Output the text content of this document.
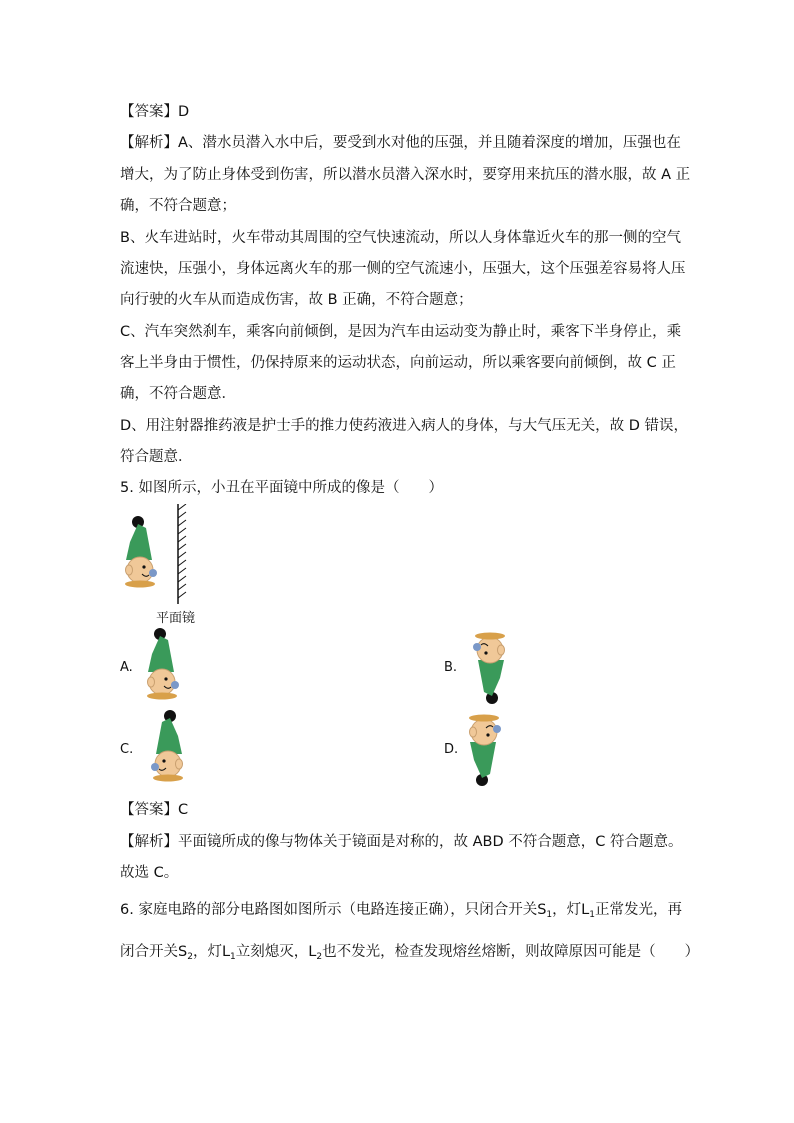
【答案】D
【解析】A、潜水员潜入水中后，要受到水对他的压强，并且随着深度的增加，压强也在
增大，为了防止身体受到伤害，所以潜水员潜入深水时，要穿用来抗压的潜水服，故 A 正
确，不符合题意；
B、火车进站时，火车带动其周围的空气快速流动，所以人身体靠近火车的那一侧的空气
流速快，压强小，身体远离火车的那一侧的空气流速小，压强大，这个压强差容易将人压
向行驶的火车从而造成伤害，故 B 正确，不符合题意；
C、汽车突然刹车，乘客向前倾倒，是因为汽车由运动变为静止时，乘客下半身停止，乘
客上半身由于惯性，仍保持原来的运动状态，向前运动，所以乘客要向前倾倒，故 C 正
确，不符合题意．
D、用注射器推药液是护士手的推力使药液进入病人的身体，与大气压无关，故 D 错误，
符合题意．
5. 如图所示，小丑在平面镜中所成的像是（　　）
平面镜
A.	B.
C.	D.
【答案】C
【解析】平面镜所成的像与物体关于镜面是对称的，故 ABD 不符合题意，C 符合题意。
故选 C。
6. 家庭电路的部分电路图如图所示（电路连接正确），只闭合开关$S_1$，灯$L_1$正常发光，再
闭合开关$S_2$，灯$L_1$立刻熄灭，$L_2$也不发光，检查发现熔丝熔断，则故障原因可能是（　　）
